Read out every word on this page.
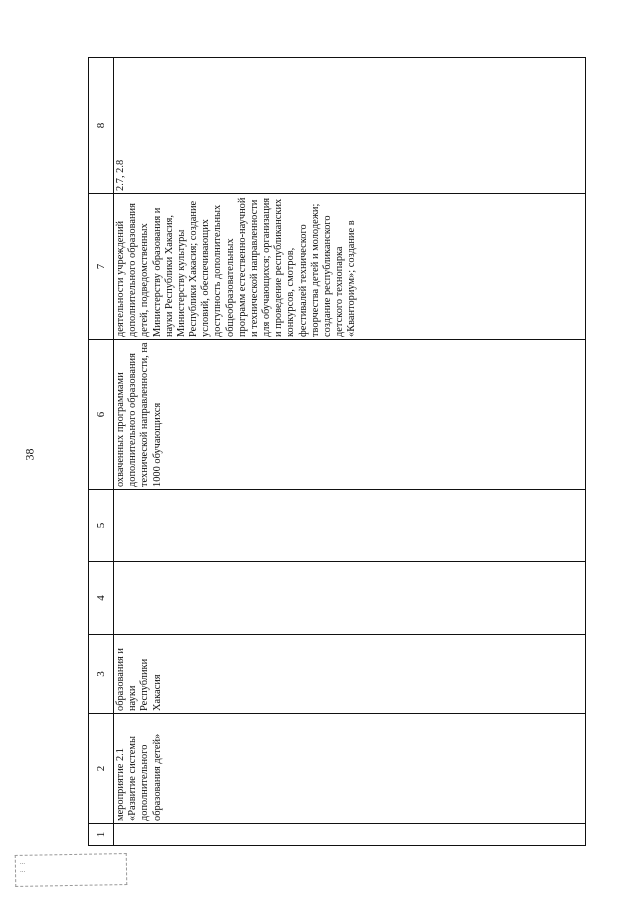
38
1	2	3	4	5	6	7	8
	мероприятие 2.1 «Развитие системы дополнительного образования детей»	образования и науки Республики Хакасия			охваченных программами дополнительного образования технической направленности, на 1000 обучающихся	деятельности учреждений дополнительного образования детей, подведомственных Министерству образования и науки Республики Хакасия, Министерству культуры Республики Хакасия; создание условий, обеспечивающих доступность дополнительных общеобразовательных программ естественно-научной и технической направленности для обучающихся; организация и проведение республиканских конкурсов, смотров, фестивалей технического творчества детей и молодежи; создание республиканского детского технопарка «Кванториум»; создание в	2.7, 2.8
...
...
